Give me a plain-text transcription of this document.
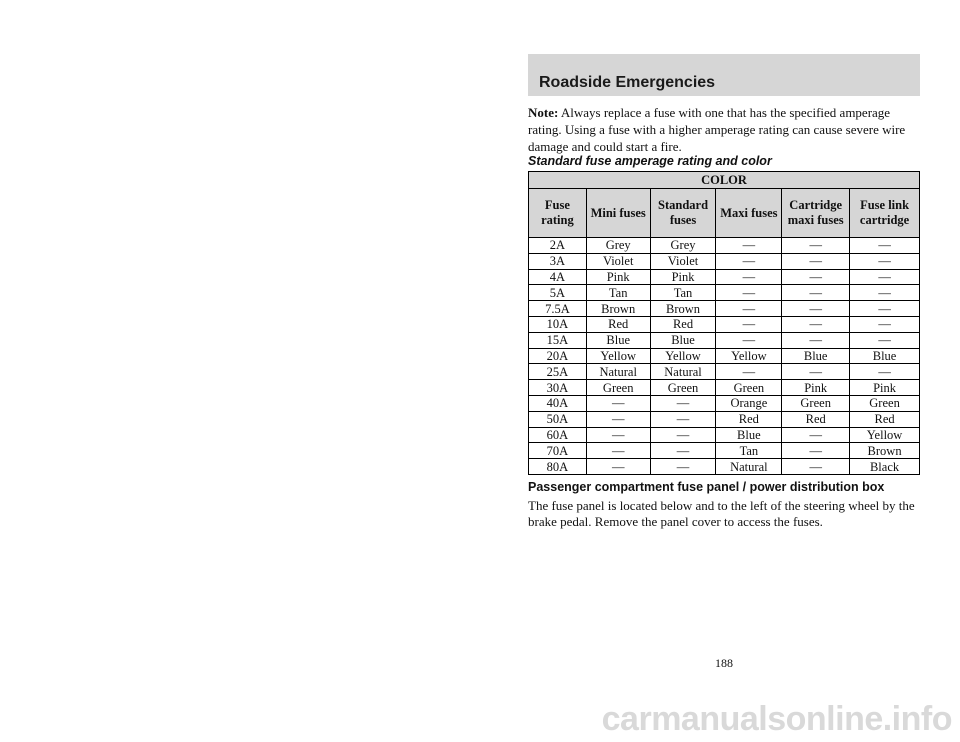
Roadside Emergencies
Note: Always replace a fuse with one that has the specified amperage rating. Using a fuse with a higher amperage rating can cause severe wire damage and could start a fire.
Standard fuse amperage rating and color
COLOR					
Fuse rating	Mini fuses	Standard fuses	Maxi fuses	Cartridge maxi fuses	Fuse link cartridge
2A	Grey	Grey	—	—	—
3A	Violet	Violet	—	—	—
4A	Pink	Pink	—	—	—
5A	Tan	Tan	—	—	—
7.5A	Brown	Brown	—	—	—
10A	Red	Red	—	—	—
15A	Blue	Blue	—	—	—
20A	Yellow	Yellow	Yellow	Blue	Blue
25A	Natural	Natural	—	—	—
30A	Green	Green	Green	Pink	Pink
40A	—	—	Orange	Green	Green
50A	—	—	Red	Red	Red
60A	—	—	Blue	—	Yellow
70A	—	—	Tan	—	Brown
80A	—	—	Natural	—	Black
Passenger compartment fuse panel / power distribution box
The fuse panel is located below and to the left of the steering wheel by the brake pedal. Remove the panel cover to access the fuses.
188
carmanualsonline.info
